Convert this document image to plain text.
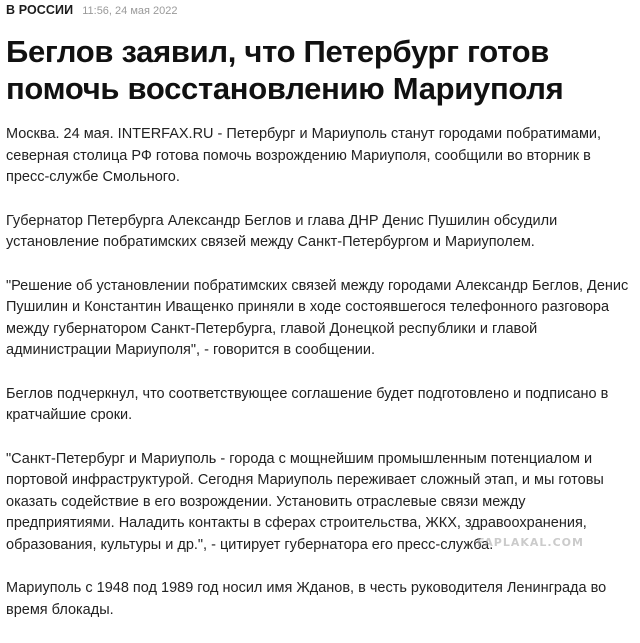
В РОССИИ 11:56, 24 мая 2022
Беглов заявил, что Петербург готов помочь восстановлению Мариуполя

Москва. 24 мая. INTERFAX.RU - Петербург и Мариуполь станут городами побратимами, северная столица РФ готова помочь возрождению Мариуполя, сообщили во вторник в пресс-службе Смольного.

Губернатор Петербурга Александр Беглов и глава ДНР Денис Пушилин обсудили установление побратимских связей между Санкт-Петербургом и Мариуполем.

"Решение об установлении побратимских связей между городами Александр Беглов, Денис Пушилин и Константин Иващенко приняли в ходе состоявшегося телефонного разговора между губернатором Санкт-Петербурга, главой Донецкой республики и главой администрации Мариуполя", - говорится в сообщении.

Беглов подчеркнул, что соответствующее соглашение будет подготовлено и подписано в кратчайшие сроки.

"Санкт-Петербург и Мариуполь - города с мощнейшим промышленным потенциалом и портовой инфраструктурой. Сегодня Мариуполь переживает сложный этап, и мы готовы оказать содействие в его возрождении. Установить отраслевые связи между предприятиями. Наладить контакты в сферах строительства, ЖКХ, здравоохранения, образования, культуры и др.", - цитирует губернатора его пресс-служба.

Мариуполь с 1948 под 1989 год носил имя Жданов, в честь руководителя Ленинграда во время блокады.

FAPLAKAL.COM
